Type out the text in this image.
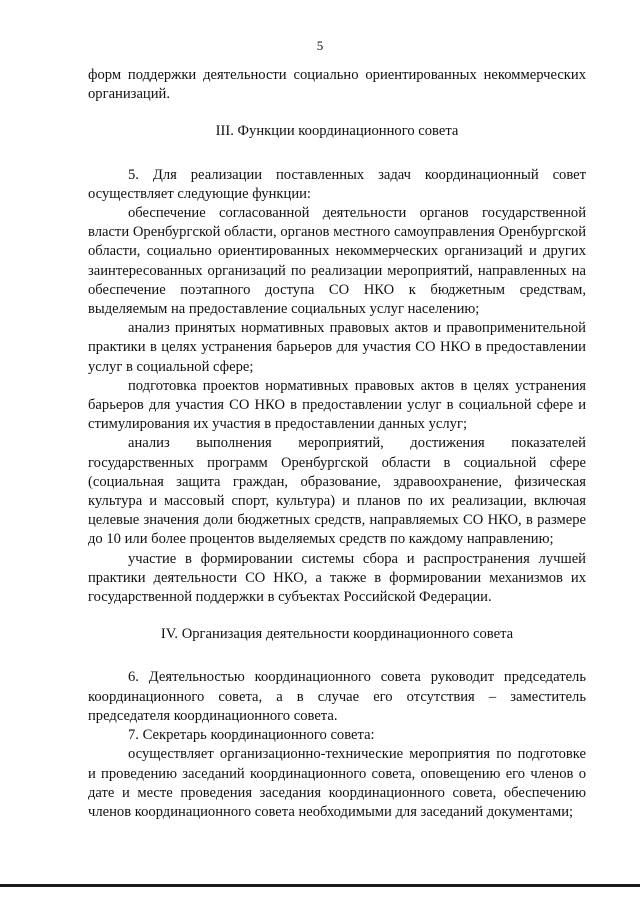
5

форм поддержки деятельности социально ориентированных некоммерческих организаций.

III. Функции координационного совета

5. Для реализации поставленных задач координационный совет осуществляет следующие функции:

обеспечение согласованной деятельности органов государственной власти Оренбургской области, органов местного самоуправления Оренбургской области, социально ориентированных некоммерческих организаций и других заинтересованных организаций по реализации мероприятий, направленных на обеспечение поэтапного доступа СО НКО к бюджетным средствам, выделяемым на предоставление социальных услуг населению;

анализ принятых нормативных правовых актов и правоприменительной практики в целях устранения барьеров для участия СО НКО в предоставлении услуг в социальной сфере;

подготовка проектов нормативных правовых актов в целях устранения барьеров для участия СО НКО в предоставлении услуг в социальной сфере и стимулирования их участия в предоставлении данных услуг;

анализ выполнения мероприятий, достижения показателей государственных программ Оренбургской области в социальной сфере (социальная защита граждан, образование, здравоохранение, физическая культура и массовый спорт, культура) и планов по их реализации, включая целевые значения доли бюджетных средств, направляемых СО НКО, в размере до 10 или более процентов выделяемых средств по каждому направлению;

участие в формировании системы сбора и распространения лучшей практики деятельности СО НКО, а также в формировании механизмов их государственной поддержки в субъектах Российской Федерации.

IV. Организация деятельности координационного совета

6. Деятельностью координационного совета руководит председатель координационного совета, а в случае его отсутствия – заместитель председателя координационного совета.

7. Секретарь координационного совета:

осуществляет организационно-технические мероприятия по подготовке и проведению заседаний координационного совета, оповещению его членов о дате и месте проведения заседания координационного совета, обеспечению членов координационного совета необходимыми для заседаний документами;
